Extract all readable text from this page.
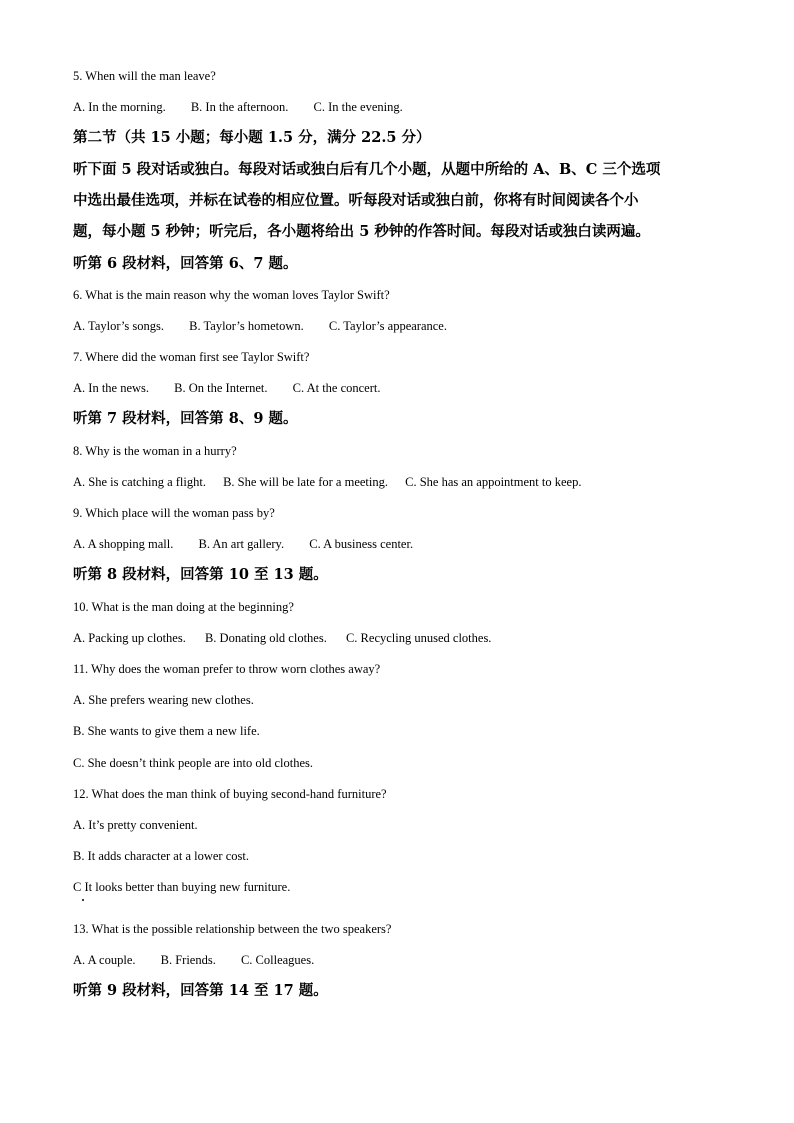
5. When will the man leave?
A. In the morning. B. In the afternoon. C. In the evening.
第二节（共 15 小题；每小题 1.5 分，满分 22.5 分）
听下面 5 段对话或独白。每段对话或独白后有几个小题，从题中所给的 A、B、C 三个选项
中选出最佳选项，并标在试卷的相应位置。听每段对话或独白前，你将有时间阅读各个小
题，每小题 5 秒钟；听完后，各小题将给出 5 秒钟的作答时间。每段对话或独白读两遍。
听第 6 段材料，回答第 6、7 题。
6. What is the main reason why the woman loves Taylor Swift?
A. Taylor’s songs. B. Taylor’s hometown. C. Taylor’s appearance.
7. Where did the woman first see Taylor Swift?
A. In the news. B. On the Internet. C. At the concert.
听第 7 段材料，回答第 8、9 题。
8. Why is the woman in a hurry?
A. She is catching a flight. B. She will be late for a meeting. C. She has an appointment to keep.
9. Which place will the woman pass by?
A. A shopping mall. B. An art gallery. C. A business center.
听第 8 段材料，回答第 10 至 13 题。
10. What is the man doing at the beginning?
A. Packing up clothes. B. Donating old clothes. C. Recycling unused clothes.
11. Why does the woman prefer to throw worn clothes away?
A. She prefers wearing new clothes.
B. She wants to give them a new life.
C. She doesn’t think people are into old clothes.
12. What does the man think of buying second-hand furniture?
A. It’s pretty convenient.
B. It adds character at a lower cost.
C It looks better than buying new furniture.
13. What is the possible relationship between the two speakers?
A. A couple. B. Friends. C. Colleagues.
听第 9 段材料，回答第 14 至 17 题。
